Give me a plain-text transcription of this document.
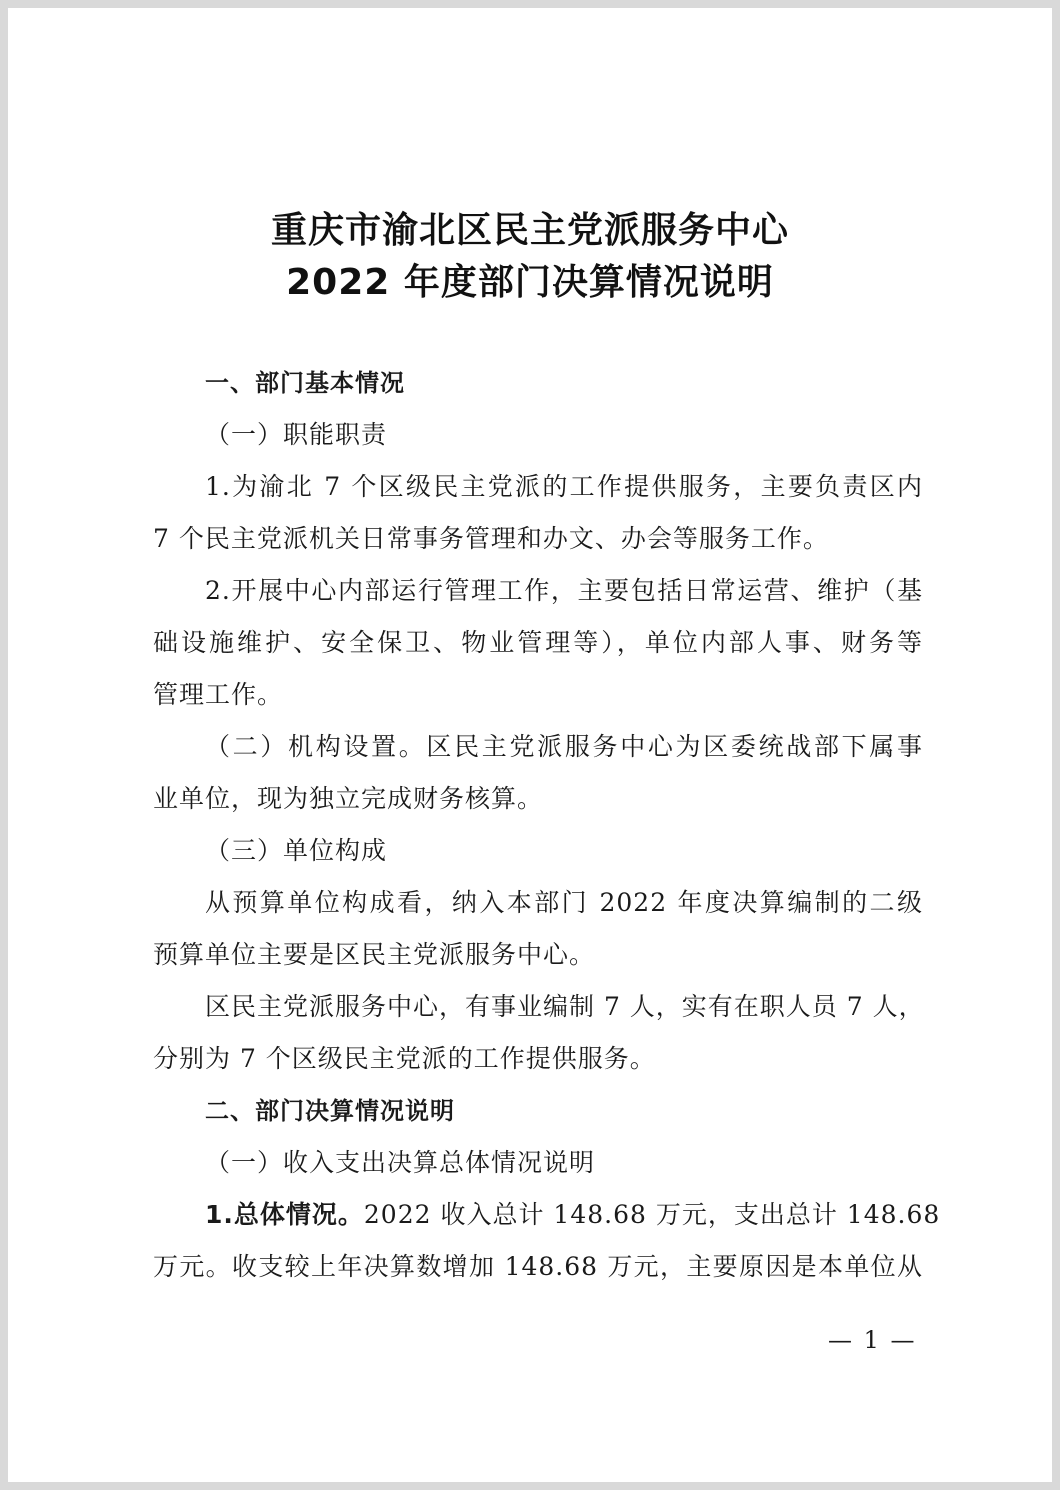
重庆市渝北区民主党派服务中心
2022 年度部门决算情况说明
一、部门基本情况
（一）职能职责
1.为渝北 7 个区级民主党派的工作提供服务，主要负责区内
7 个民主党派机关日常事务管理和办文、办会等服务工作。
2.开展中心内部运行管理工作，主要包括日常运营、维护（基
础设施维护、安全保卫、物业管理等），单位内部人事、财务等
管理工作。
（二）机构设置。区民主党派服务中心为区委统战部下属事
业单位，现为独立完成财务核算。
（三）单位构成
从预算单位构成看，纳入本部门 2022 年度决算编制的二级
预算单位主要是区民主党派服务中心。
区民主党派服务中心，有事业编制 7 人，实有在职人员 7 人，
分别为 7 个区级民主党派的工作提供服务。
二、部门决算情况说明
（一）收入支出决算总体情况说明
1.总体情况。2022 收入总计 148.68 万元，支出总计 148.68
万元。收支较上年决算数增加 148.68 万元，主要原因是本单位从
— 1 —
